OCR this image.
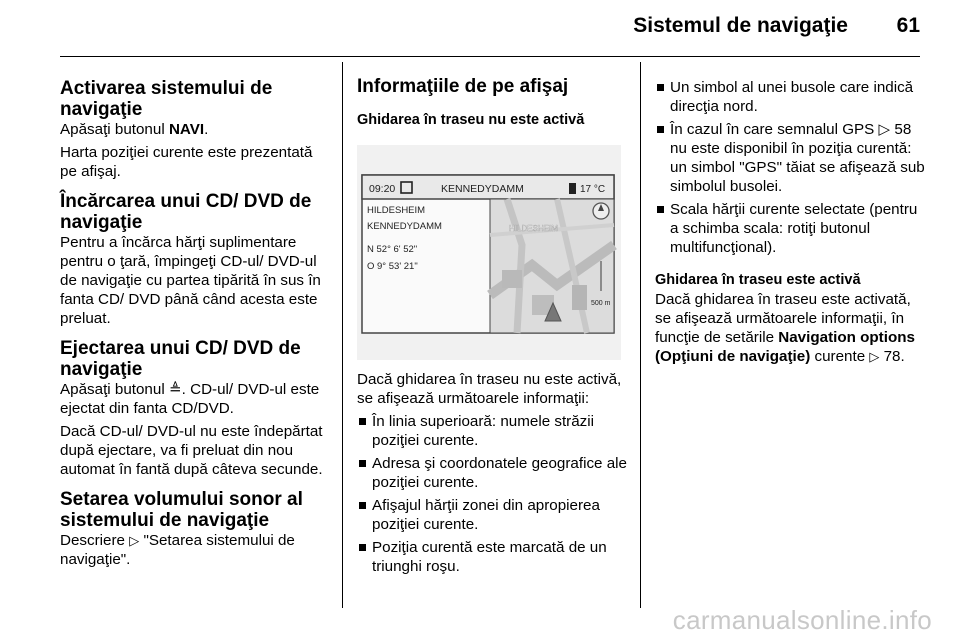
Sistemul de navigaţie 61
Activarea sistemului de navigaţie

Apăsaţi butonul NAVI.

Harta poziţiei curente este prezentată pe afişaj.

Încărcarea unui CD/ DVD de navigaţie

Pentru a încărca hărţi suplimentare pentru o ţară, împingeţi CD-ul/ DVD-ul de navigaţie cu partea tipărită în sus în fanta CD/ DVD până când acesta este preluat.

Ejectarea unui CD/ DVD de navigaţie

Apăsaţi butonul ≜. CD-ul/ DVD-ul este ejectat din fanta CD/DVD.

Dacă CD-ul/ DVD-ul nu este îndepărtat după ejectare, va fi preluat din nou automat în fantă după câteva secunde.

Setarea volumului sonor al sistemului de navigaţie

Descriere ▷ "Setarea sistemului de navigaţie".

Informaţiile de pe afişaj
Ghidarea în traseu nu este activă
09:20	KENNEDYDAMM	17 °C
HILDESHEIM
KENNEDYDAMM
N 52° 6' 52"
O 9° 53' 21"
HILDESHEIM
500 m

Dacă ghidarea în traseu nu este activă, se afişează următoarele informaţii:

În linia superioară: numele străzii poziţiei curente.
Adresa şi coordonatele geografice ale poziţiei curente.
Afişajul hărţii zonei din apropierea poziţiei curente.
Poziţia curentă este marcată de un triunghi roşu.
Un simbol al unei busole care indică direcţia nord.
În cazul în care semnalul GPS ▷ 58 nu este disponibil în poziţia curentă: un simbol "GPS" tăiat se afişează sub simbolul busolei.
Scala hărţii curente selectate (pentru a schimba scala: rotiţi butonul multifuncţional).
Ghidarea în traseu este activă

Dacă ghidarea în traseu este activată, se afişează următoarele informaţii, în funcţie de setările Navigation options (Opţiuni de navigaţie) curente ▷ 78.

carmanualsonline.info
